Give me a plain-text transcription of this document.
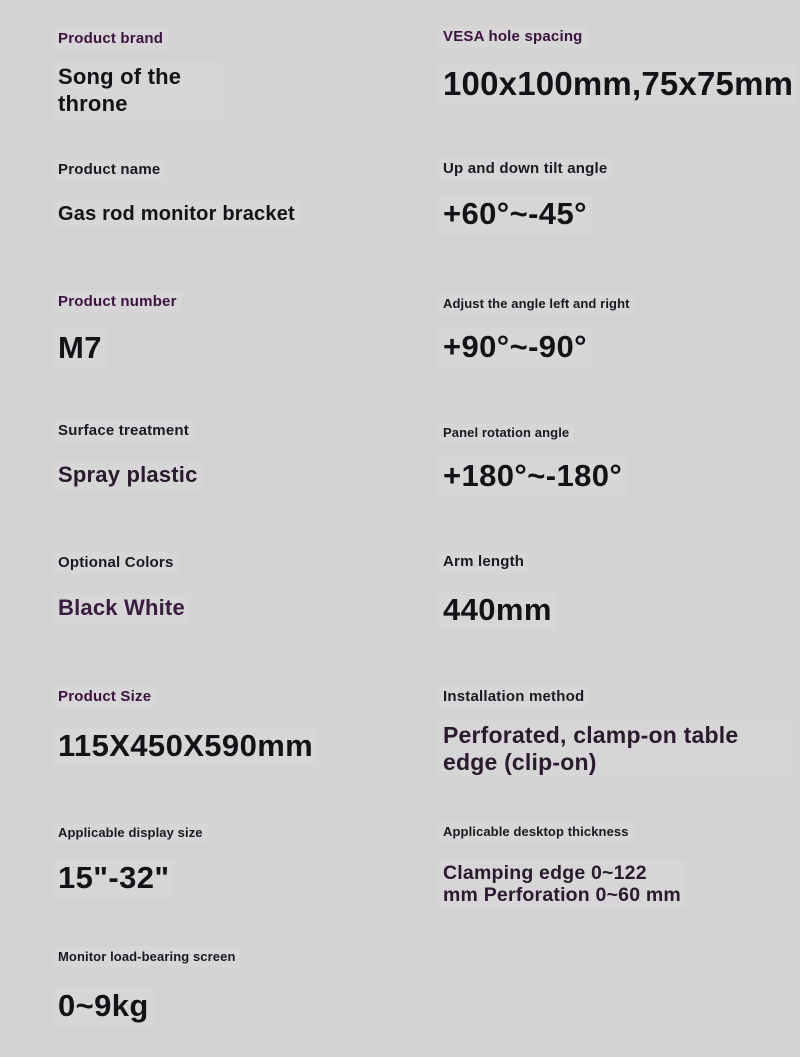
Product brand
Song of the throne
Product name
Gas rod monitor bracket
Product number
M7
Surface treatment
Spray plastic
Optional Colors
Black White
Product Size
115X450X590mm
Applicable display size
15"-32"
Monitor load-bearing screen
0~9kg
VESA hole spacing
100x100mm,75x75mm
Up and down tilt angle
+60°~-45°
Adjust the angle left and right
+90°~-90°
Panel rotation angle
+180°~-180°
Arm length
440mm
Installation method
Perforated, clamp-on table edge (clip-on)
Applicable desktop thickness
Clamping edge 0~122 mm Perforation 0~60 mm
